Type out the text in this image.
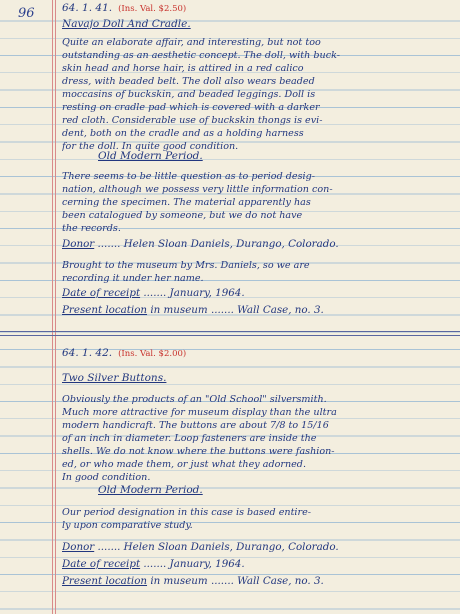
96	64. 1. 41. (Ins. Val. $2.50)
Navajo Doll And Cradle.
Quite an elaborate affair, and interesting, but not too
outstanding as an aesthetic concept. The doll, with buck-
skin head and horse hair, is attired in a red calico
dress, with beaded belt. The doll also wears beaded
moccasins of buckskin, and beaded leggings. Doll is
resting on cradle pad which is covered with a darker
red cloth. Considerable use of buckskin thongs is evi-
dent, both on the cradle and as a holding harness
for the doll. In quite good condition.
Old Modern Period.
There seems to be little question as to period desig-
nation, although we possess very little information con-
cerning the specimen. The material apparently has
been catalogued by someone, but we do not have
the records.
Donor ....... Helen Sloan Daniels, Durango, Colorado.
Brought to the museum by Mrs. Daniels, so we are
recording it under her name.
Date of receipt ....... January, 1964.
Present location in museum ....... Wall Case, no. 3.
64. 1. 42. (Ins. Val. $2.00)
Two Silver Buttons.
Obviously the products of an "Old School" silversmith.
Much more attractive for museum display than the ultra
modern handicraft. The buttons are about 7/8 to 15/16
of an inch in diameter. Loop fasteners are inside the
shells. We do not know where the buttons were fashion-
ed, or who made them, or just what they adorned.
In good condition.
Old Modern Period.
Our period designation in this case is based entire-
ly upon comparative study.
Donor ....... Helen Sloan Daniels, Durango, Colorado.
Date of receipt ....... January, 1964.
Present location in museum ....... Wall Case, no. 3.
